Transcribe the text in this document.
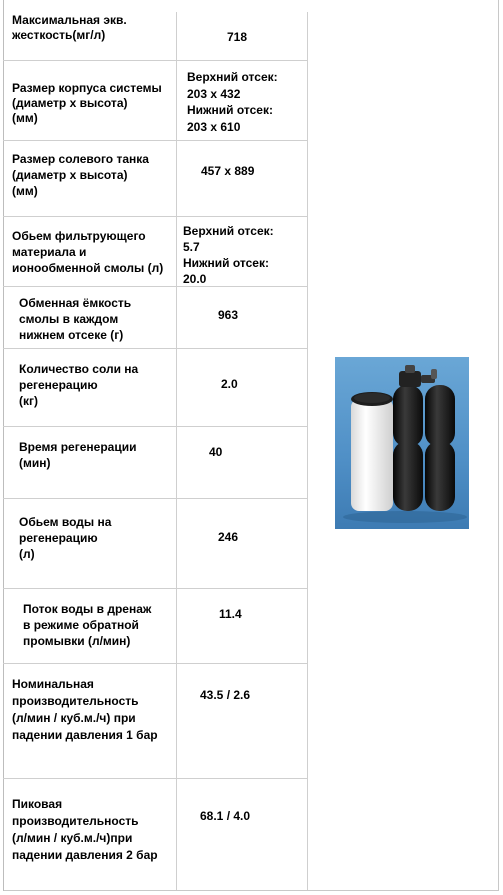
Максимальная экв.
жесткость(мг/л)	718
Размер корпуса системы
(диаметр x высота)
(мм)
Верхний отсек:
203 x 432
Нижний отсек:
203 x 610
Размер солевого танка
(диаметр x высота)
(мм)
457 x 889
Обьем фильтрующего
материала и
ионообменной смолы (л)
Верхний отсек:
5.7
Нижний отсек:
20.0
Обменная ёмкость
смолы в каждом
нижнем отсеке (г)
963
Количество соли на
регенерацию
(кг)
2.0
Время регенерации
(мин)
40
Обьем воды на
регенерацию
(л)
246
Поток воды в дренаж
в режиме обратной
промывки (л/мин)
11.4
Номинальная
производительность
(л/мин / куб.м./ч) при
падении давления 1 бар
43.5 / 2.6
Пиковая
производительность
(л/мин / куб.м./ч)при
падении давления 2 бар
68.1 / 4.0
